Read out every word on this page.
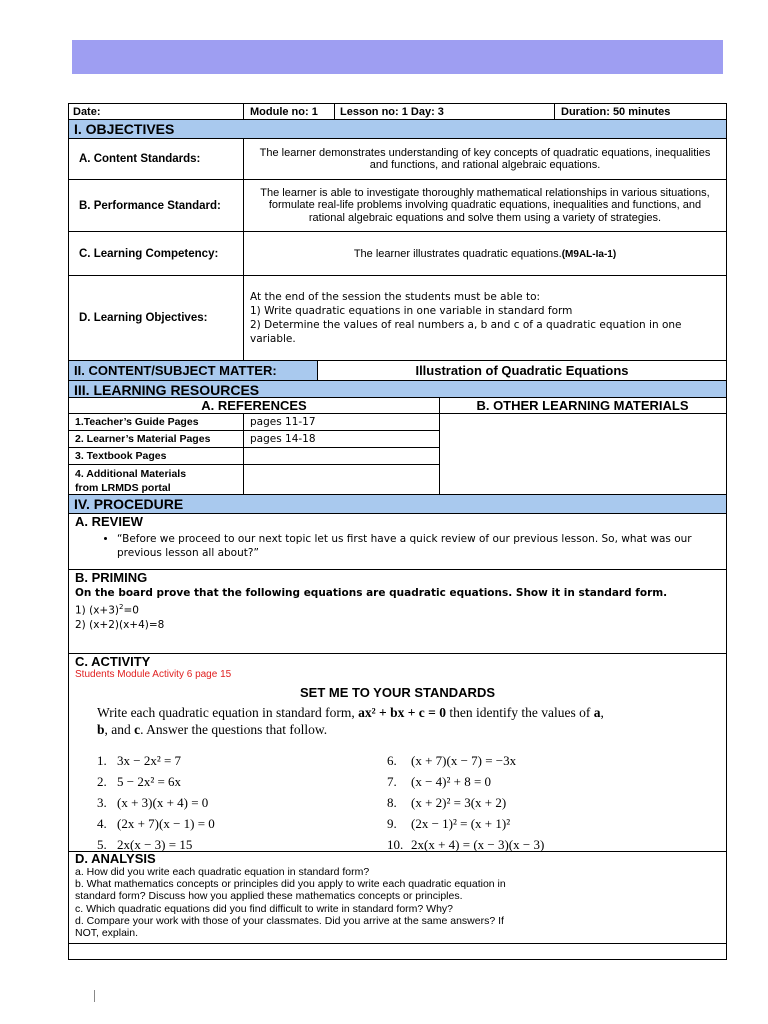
Date:	Module no: 1	Lesson no: 1 Day: 3	Duration: 50 minutes
I. OBJECTIVES
A. Content Standards:
The learner demonstrates understanding of key concepts of quadratic equations, inequalities and functions, and rational algebraic equations.
B. Performance Standard:
The learner is able to investigate thoroughly mathematical relationships in various situations, formulate real-life problems involving quadratic equations, inequalities and functions, and rational algebraic equations and solve them using a variety of strategies.
C. Learning Competency:	The learner illustrates quadratic equations.(M9AL-Ia-1)
D. Learning Objectives:
At the end of the session the students must be able to:
1) Write quadratic equations in one variable in standard form
2) Determine the values of real numbers a, b and c of a quadratic equation in one variable.
II. CONTENT/SUBJECT MATTER:	Illustration of Quadratic Equations
III. LEARNING RESOURCES
A. REFERENCES
1.Teacher’s Guide Pages	pages 11-17
2. Learner’s Material Pages	pages 14-18
3. Textbook Pages
4. Additional Materials
from LRMDS portal
B. OTHER LEARNING MATERIALS
IV. PROCEDURE
A. REVIEW
• “Before we proceed to our next topic let us first have a quick review of our previous lesson. So, what was our previous lesson all about?”
B. PRIMING
On the board prove that the following equations are quadratic equations. Show it in standard form.
1) $(x+3)^2=0$
2) (x+2)(x+4)=8
C. ACTIVITY
Students Module Activity 6 page 15
SET ME TO YOUR STANDARDS
Write each quadratic equation in standard form, ax² + bx + c = 0 then identify the values of a,
b, and c. Answer the questions that follow.
1. 3x − 2x² = 7
2. 5 − 2x² = 6x
3. (x + 3)(x + 4) = 0
4. (2x + 7)(x − 1) = 0
5. 2x(x − 3) = 15
6. (x + 7)(x − 7) = −3x
7. (x − 4)² + 8 = 0
8. (x + 2)² = 3(x + 2)
9. (2x − 1)² = (x + 1)²
10. 2x(x + 4) = (x − 3)(x − 3)
D. ANALYSIS
a. How did you write each quadratic equation in standard form?
b. What mathematics concepts or principles did you apply to write each quadratic equation in
standard form? Discuss how you applied these mathematics concepts or principles.
c. Which quadratic equations did you find difficult to write in standard form? Why?
d. Compare your work with those of your classmates. Did you arrive at the same answers? If
NOT, explain.
